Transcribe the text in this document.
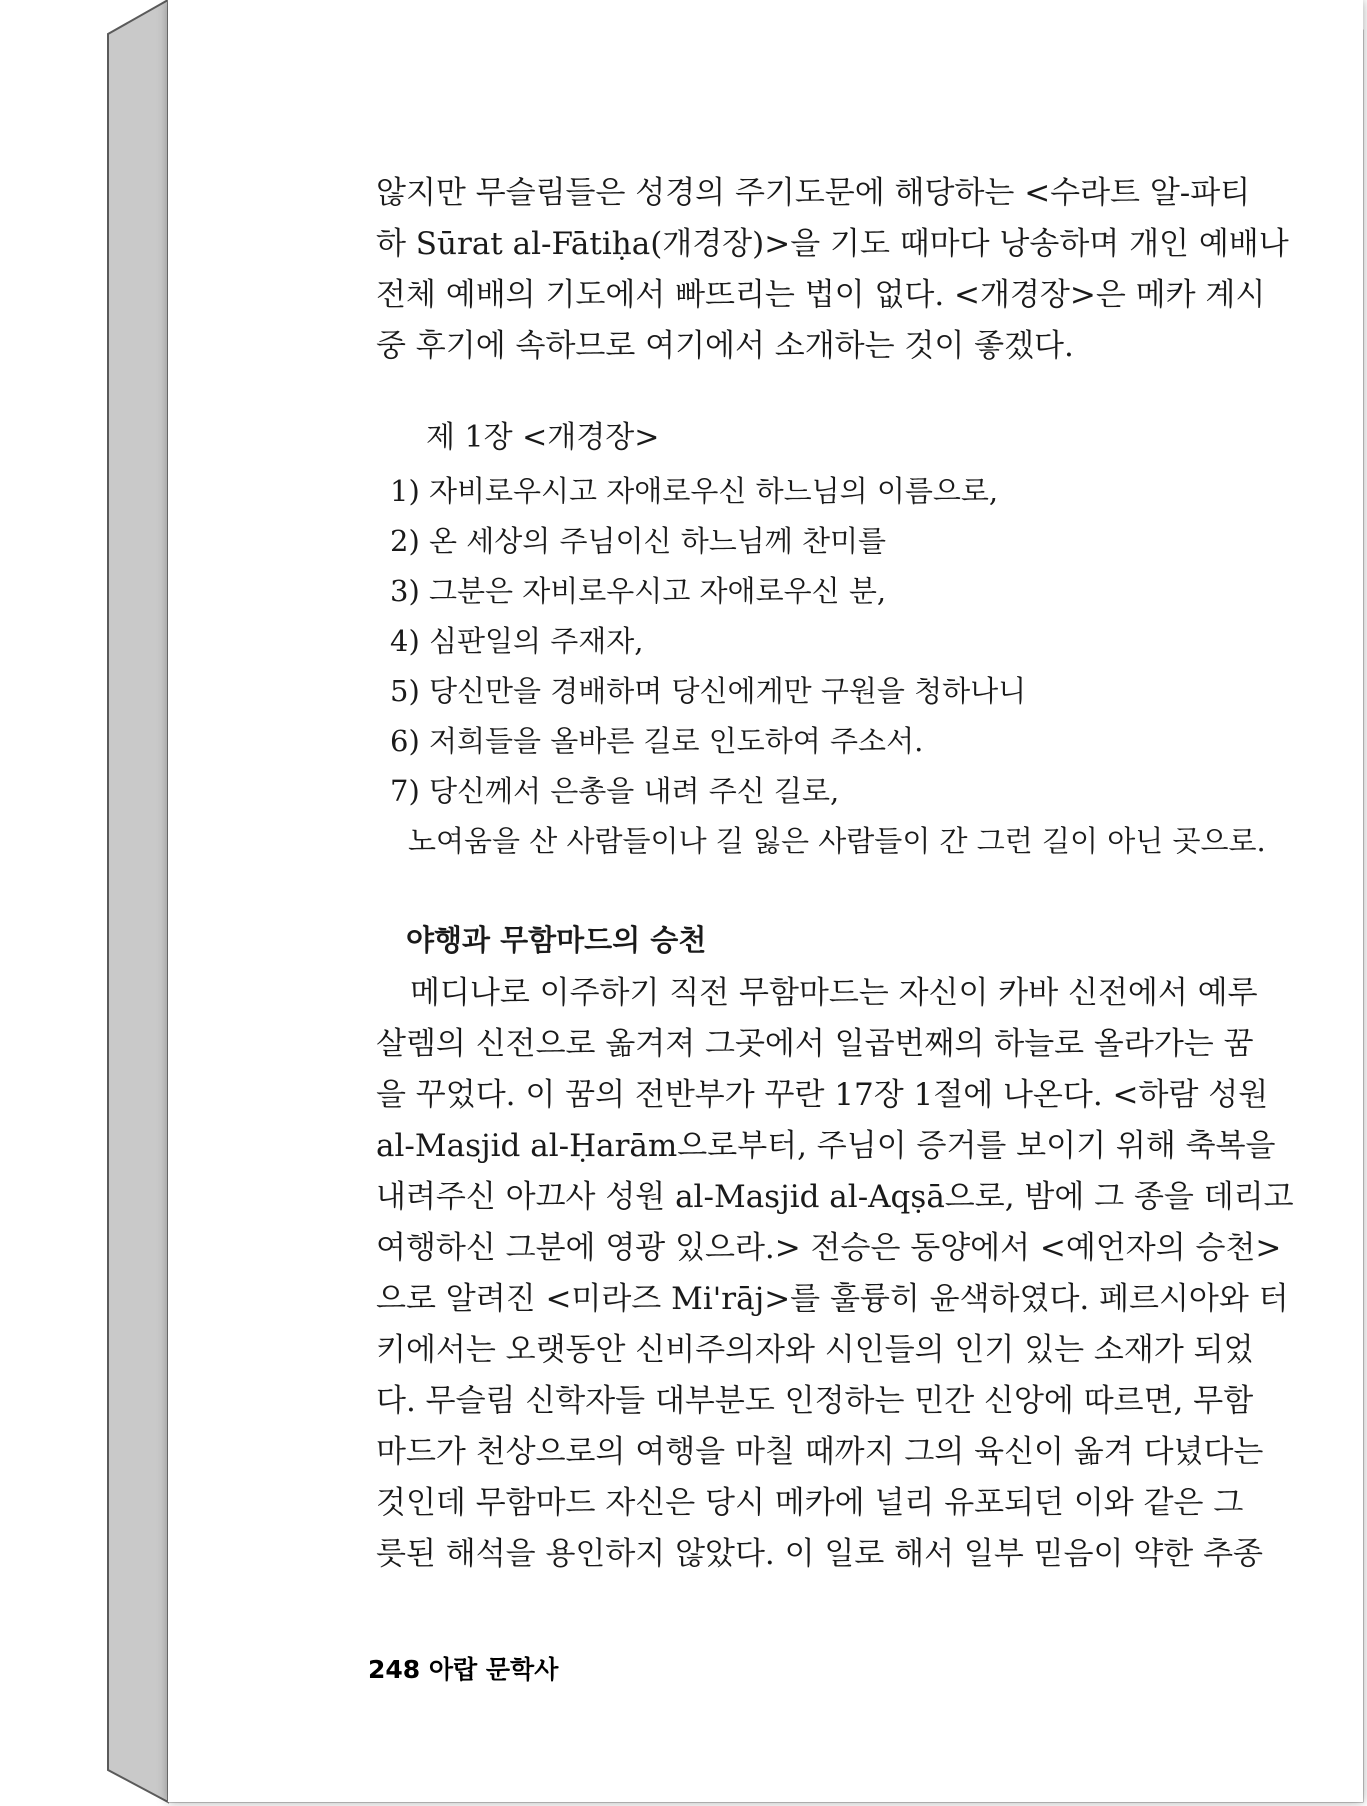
않지만 무슬림들은 성경의 주기도문에 해당하는 <수라트 알-파티
하 Sūrat al-Fātiḥa(개경장)>을 기도 때마다 낭송하며 개인 예배나
전체 예배의 기도에서 빠뜨리는 법이 없다. <개경장>은 메카 계시
중 후기에 속하므로 여기에서 소개하는 것이 좋겠다.
제 1장 <개경장>
1) 자비로우시고 자애로우신 하느님의 이름으로,
2) 온 세상의 주님이신 하느님께 찬미를
3) 그분은 자비로우시고 자애로우신 분,
4) 심판일의 주재자,
5) 당신만을 경배하며 당신에게만 구원을 청하나니
6) 저희들을 올바른 길로 인도하여 주소서.
7) 당신께서 은총을 내려 주신 길로,
노여움을 산 사람들이나 길 잃은 사람들이 간 그런 길이 아닌 곳으로.
야행과 무함마드의 승천
메디나로 이주하기 직전 무함마드는 자신이 카바 신전에서 예루
살렘의 신전으로 옮겨져 그곳에서 일곱번째의 하늘로 올라가는 꿈
을 꾸었다. 이 꿈의 전반부가 꾸란 17장 1절에 나온다. <하람 성원
al-Masjid al-Ḥarām으로부터, 주님이 증거를 보이기 위해 축복을
내려주신 아끄사 성원 al-Masjid al-Aqṣā으로, 밤에 그 종을 데리고
여행하신 그분에 영광 있으라.> 전승은 동양에서 <예언자의 승천>
으로 알려진 <미라즈 Mi'rāj>를 훌륭히 윤색하였다. 페르시아와 터
키에서는 오랫동안 신비주의자와 시인들의 인기 있는 소재가 되었
다. 무슬림 신학자들 대부분도 인정하는 민간 신앙에 따르면, 무함
마드가 천상으로의 여행을 마칠 때까지 그의 육신이 옮겨 다녔다는
것인데 무함마드 자신은 당시 메카에 널리 유포되던 이와 같은 그
릇된 해석을 용인하지 않았다. 이 일로 해서 일부 믿음이 약한 추종
248 아랍 문학사
